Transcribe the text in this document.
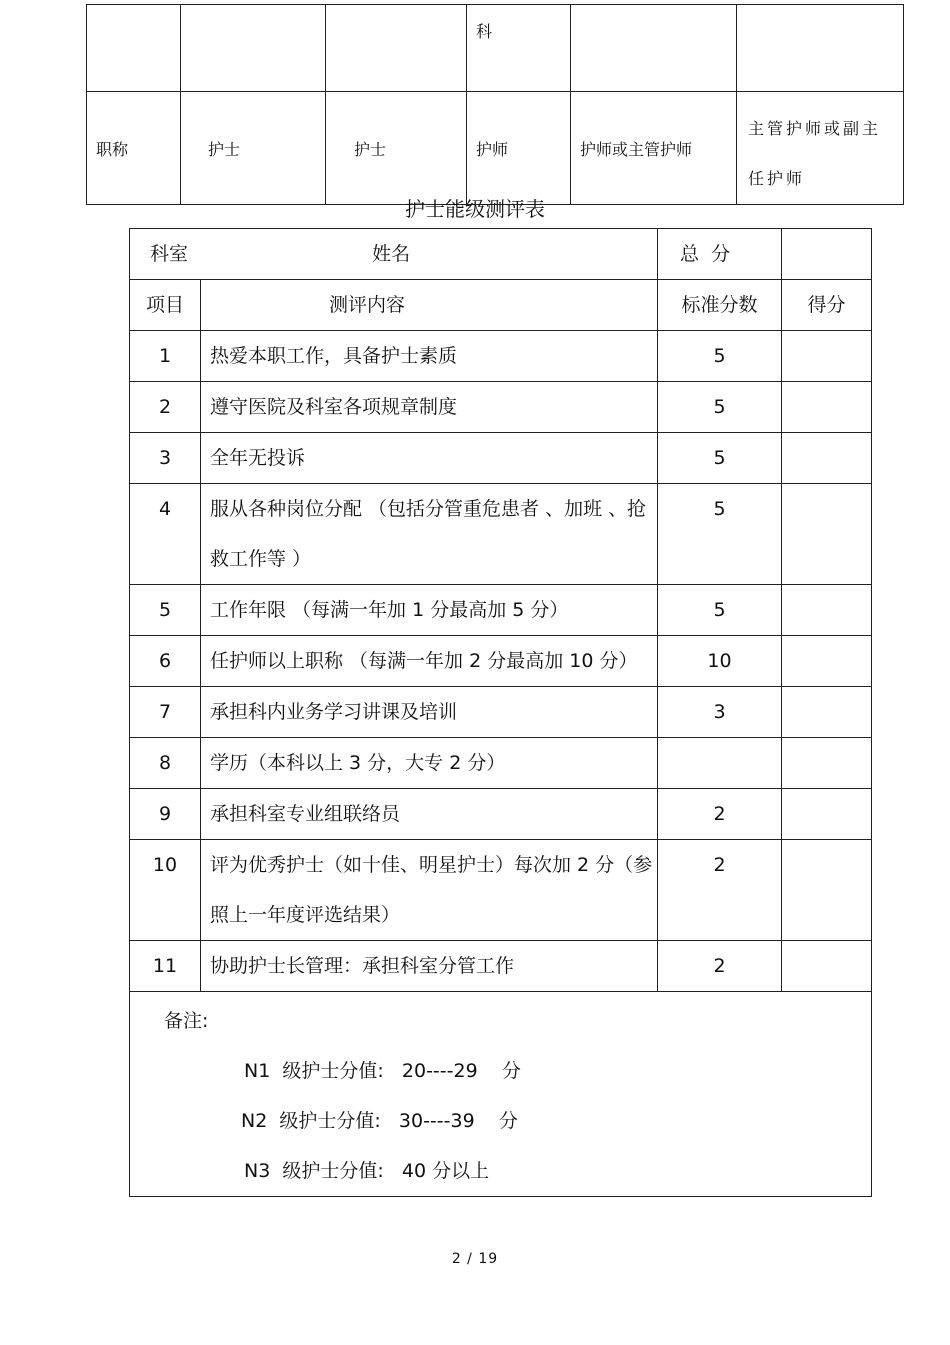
			科		
职称	护士	护士	护师	护师或主管护师	主管护师或副主任护师
护士能级测评表
科室 姓名		总  分	
项目	测评内容	标准分数	得分
1	热爱本职工作，具备护士素质	5	
2	遵守医院及科室各项规章制度	5	
3	全年无投诉	5	
4	服从各种岗位分配 （包括分管重危患者 、加班 、抢救工作等 ）	5	
5	工作年限 （每满一年加 1 分最高加 5 分）	5	
6	任护师以上职称 （每满一年加 2 分最高加 10 分）	10	
7	承担科内业务学习讲课及培训	3	
8	学历（本科以上 3 分，大专 2 分）		
9	承担科室专业组联络员	2	
10	评为优秀护士（如十佳、明星护士）每次加 2 分（参照上一年度评选结果）	2	
11	协助护士长管理：承担科室分管工作	2	

备注:
N1  级护士分值:   20----29    分
N2  级护士分值:   30----39    分
N3  级护士分值:   40 分以上			
2 / 19
